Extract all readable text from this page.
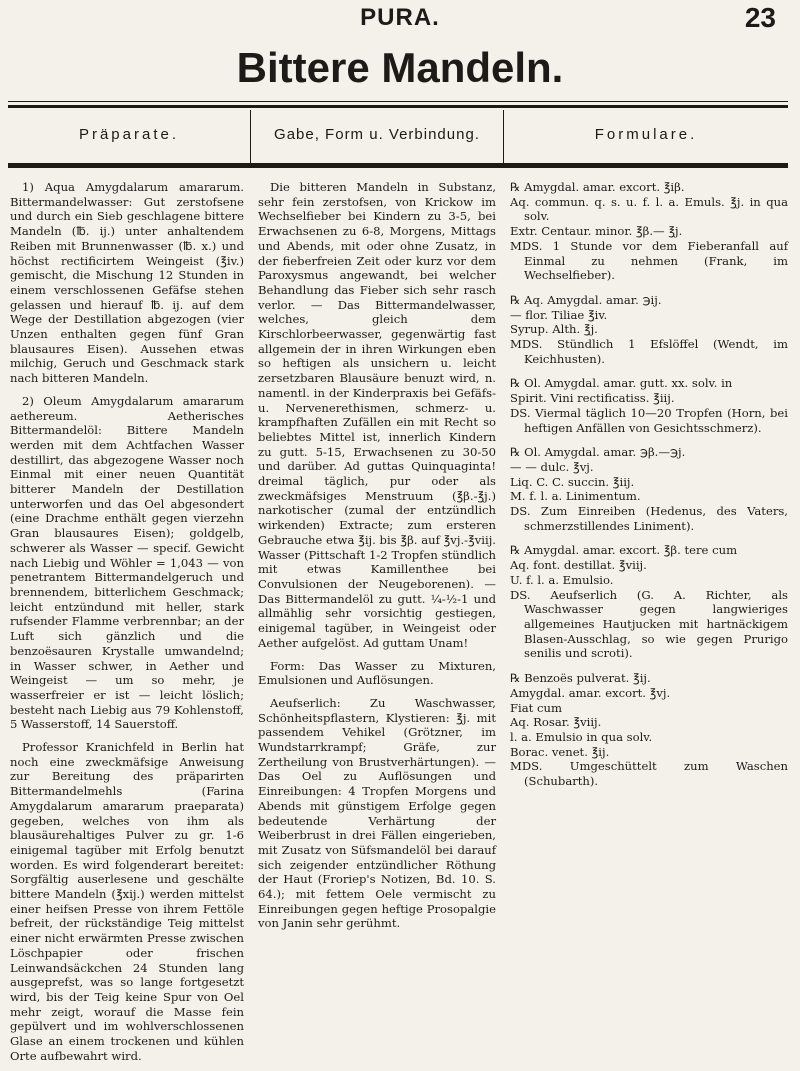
PURA.	23
Bittere Mandeln.
Präparate.	Gabe, Form u. Verbindung.	Formulare.

1) Aqua Amygdalarum amararum. Bittermandelwasser: Gut zerstofsene und durch ein Sieb geschlagene bittere Mandeln (℔. ij.) unter anhaltendem Reiben mit Brunnenwasser (℔. x.) und höchst rectificirtem Weingeist (℥iv.) gemischt, die Mischung 12 Stunden in einem verschlossenen Gefäfse stehen gelassen und hierauf ℔. ij. auf dem Wege der Destillation abgezogen (vier Unzen enthalten gegen fünf Gran blausaures Eisen). Aussehen etwas milchig, Geruch und Geschmack stark nach bitteren Mandeln.

2) Oleum Amygdalarum amararum aethereum. Aetherisches Bittermandelöl: Bittere Mandeln werden mit dem Achtfachen Wasser destillirt, das abgezogene Wasser noch Einmal mit einer neuen Quantität bitterer Mandeln der Destillation unterworfen und das Oel abgesondert (eine Drachme enthält gegen vierzehn Gran blausaures Eisen); goldgelb, schwerer als Wasser — specif. Gewicht nach Liebig und Wöhler = 1,043 — von penetrantem Bittermandelgeruch und brennendem, bitterlichem Geschmack; leicht entzündund mit heller, stark rufsender Flamme verbrennbar; an der Luft sich gänzlich und die benzoësauren Krystalle umwandelnd; in Wasser schwer, in Aether und Weingeist — um so mehr, je wasserfreier er ist — leicht löslich; besteht nach Liebig aus 79 Kohlenstoff, 5 Wasserstoff, 14 Sauerstoff.

Professor Kranichfeld in Berlin hat noch eine zweckmäfsige Anweisung zur Bereitung des präparirten Bittermandelmehls (Farina Amygdalarum amararum praeparata) gegeben, welches von ihm als blausäurehaltiges Pulver zu gr. 1-6 einigemal tagüber mit Erfolg benutzt worden. Es wird folgenderart bereitet: Sorgfältig auserlesene und geschälte bittere Mandeln (℥xij.) werden mittelst einer heifsen Presse von ihrem Fettöle befreit, der rückständige Teig mittelst einer nicht erwärmten Presse zwischen Löschpapier oder frischen Leinwandsäckchen 24 Stunden lang ausgeprefst, was so lange fortgesetzt wird, bis der Teig keine Spur von Oel mehr zeigt, worauf die Masse fein gepülvert und im wohlverschlossenen Glase an einem trockenen und kühlen Orte aufbewahrt wird.

Die bitteren Mandeln in Substanz, sehr fein zerstofsen, von Krickow im Wechselfieber bei Kindern zu 3-5, bei Erwachsenen zu 6-8, Morgens, Mittags und Abends, mit oder ohne Zusatz, in der fieberfreien Zeit oder kurz vor dem Paroxysmus angewandt, bei welcher Behandlung das Fieber sich sehr rasch verlor. — Das Bittermandelwasser, welches, gleich dem Kirschlorbeerwasser, gegenwärtig fast allgemein der in ihren Wirkungen eben so heftigen als unsichern u. leicht zersetzbaren Blausäure benuzt wird, n. namentl. in der Kinderpraxis bei Gefäfs- u. Nervenerethismen, schmerz- u. krampfhaften Zufällen ein mit Recht so beliebtes Mittel ist, innerlich Kindern zu gutt. 5-15, Erwachsenen zu 30-50 und darüber. Ad guttas Quinquaginta! dreimal täglich, pur oder als zweckmäfsiges Menstruum (℥β.-℥j.) narkotischer (zumal der entzündlich wirkenden) Extracte; zum ersteren Gebrauche etwa ℥ij. bis ℥β. auf ℥vj.-℥viij. Wasser (Pittschaft 1-2 Tropfen stündlich mit etwas Kamillenthee bei Convulsionen der Neugeborenen). — Das Bittermandelöl zu gutt. ¼-½-1 und allmählig sehr vorsichtig gestiegen, einigemal tagüber, in Weingeist oder Aether aufgelöst. Ad guttam Unam!

Form: Das Wasser zu Mixturen, Emulsionen und Auflösungen.

Aeufserlich: Zu Waschwasser, Schönheitspflastern, Klystieren: ℥j. mit passendem Vehikel (Grötzner, im Wundstarrkrampf; Gräfe, zur Zertheilung von Brustverhärtungen). — Das Oel zu Auflösungen und Einreibungen: 4 Tropfen Morgens und Abends mit günstigem Erfolge gegen bedeutende Verhärtung der Weiberbrust in drei Fällen eingerieben, mit Zusatz von Süfsmandelöl bei darauf sich zeigender entzündlicher Röthung der Haut (Froriep's Notizen, Bd. 10. S. 64.); mit fettem Oele vermischt zu Einreibungen gegen heftige Prosopalgie von Janin sehr gerühmt.

℞ Amygdal. amar. excort. ℥iβ.
Aq. commun. q. s. u. f. l. a. Emuls. ℥j. in qua solv.
Extr. Centaur. minor. ℥β.— ℥j.
MDS. 1 Stunde vor dem Fieberanfall auf Einmal zu nehmen (Frank, im Wechselfieber).
℞ Aq. Amygdal. amar. ℈ij.
— flor. Tiliae ℥iv.
Syrup. Alth. ℥j.
MDS. Stündlich 1 Efslöffel (Wendt, im Keichhusten).
℞ Ol. Amygdal. amar. gutt. xx. solv. in
Spirit. Vini rectificatiss. ℥iij.
DS. Viermal täglich 10—20 Tropfen (Horn, bei heftigen Anfällen von Gesichtsschmerz).
℞ Ol. Amygdal. amar. ℈β.—℈j.
— — dulc. ℥vj.
Liq. C. C. succin. ℥iij.
M. f. l. a. Linimentum.
DS. Zum Einreiben (Hedenus, des Vaters, schmerzstillendes Liniment).
℞ Amygdal. amar. excort. ℥β. tere cum
Aq. font. destillat. ℥viij.
U. f. l. a. Emulsio.
DS. Aeufserlich (G. A. Richter, als Waschwasser gegen langwieriges allgemeines Hautjucken mit hartnäckigem Blasen-Ausschlag, so wie gegen Prurigo senilis und scroti).
℞ Benzoës pulverat. ℥ij.
Amygdal. amar. excort. ℥vj.
Fiat cum
Aq. Rosar. ℥viij.
l. a. Emulsio in qua solv.
Borac. venet. ℥ij.
MDS. Umgeschüttelt zum Waschen (Schubarth).
